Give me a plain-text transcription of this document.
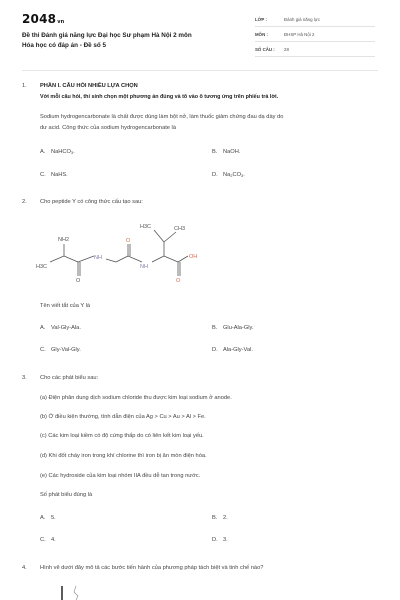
2048vn
Đề thi Đánh giá năng lực Đại học Sư phạm Hà Nội 2 môn
Hóa học có đáp án - Đề số 5
LỚP :	Đánh giá năng lực
MÔN :	ĐHSP Hà Nội 2
SỐ CÂU : 28
1. PHẦN I. CÂU HỎI NHIỀU LỰA CHỌN
Với mỗi câu hỏi, thí sinh chọn một phương án đúng và tô vào ô tương ứng trên phiếu trả lời.
Sodium hydrogencarbonate là chất được dùng làm bột nở, làm thuốc giảm chứng đau dạ dày do
dư acid. Công thức của sodium hydrogencarbonate là
A. NaHCO$_3$.	B. NaOH.
C. NaHS.	D. $Na_2CO_3$.
2. Cho peptide Y có công thức cấu tạo sau:
NH2
H3C
O
NH
O
NH
H3C	CH3
OH
O
Tên viết tắt của Y là
A. Val-Gly-Ala.	B. Glu-Ala-Gly.
C. Gly-Val-Gly.	D. Ala-Gly-Val.
3. Cho các phát biểu sau:
(a) Điện phân dung dịch sodium chloride thu được kim loại sodium ở anode.
(b) Ở điều kiện thường, tính dẫn điện của Ag > Cu > Au > Al > Fe.
(c) Các kim loại kiềm có độ cứng thấp do có liên kết kim loại yếu.
(d) Khi đốt cháy iron trong khí chlorine thì iron bị ăn mòn điện hóa.
(e) Các hydroxide của kim loại nhóm IIA đều dễ tan trong nước.
Số phát biểu đúng là
A. 5.	B. 2.
C. 4.	D. 3.
4. Hình vẽ dưới đây mô tả các bước tiến hành của phương pháp tách biệt và tinh chế nào?
